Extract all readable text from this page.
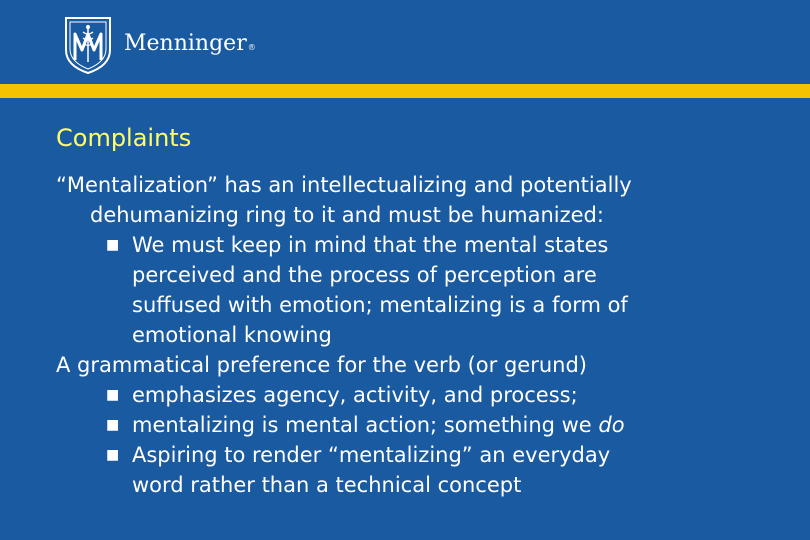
Menninger®
Complaints
“Mentalization” has an intellectualizing and potentially
dehumanizing ring to it and must be humanized:
■ We must keep in mind that the mental states
perceived and the process of perception are
suffused with emotion; mentalizing is a form of
emotional knowing
A grammatical preference for the verb (or gerund)
■ emphasizes agency, activity, and process;
■ mentalizing is mental action; something we do
■ Aspiring to render “mentalizing” an everyday
word rather than a technical concept
